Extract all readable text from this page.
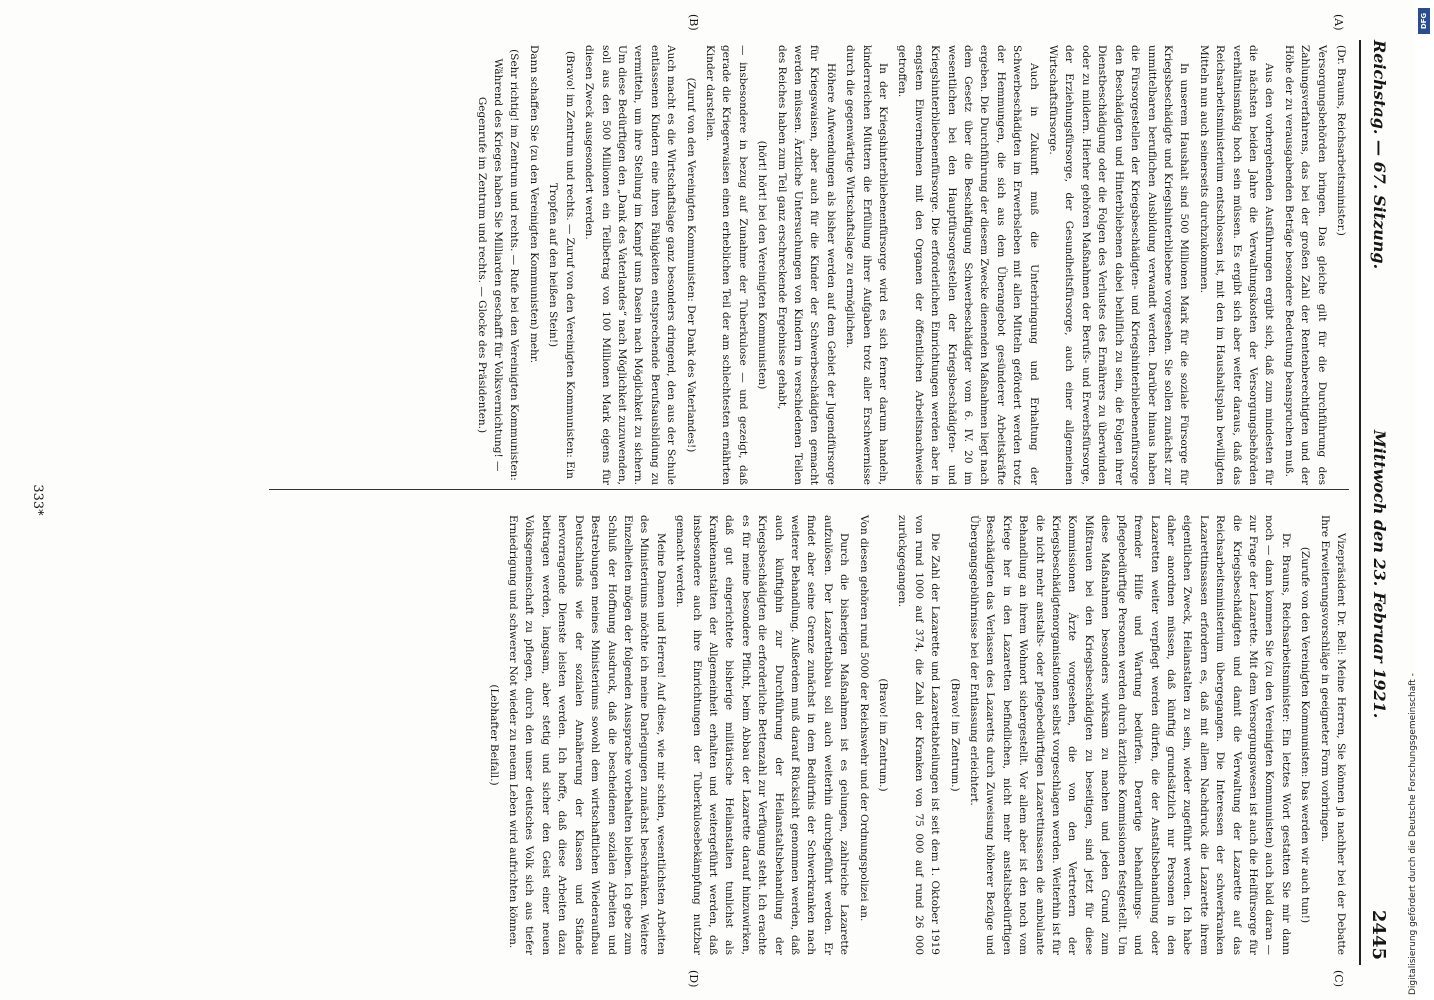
Reichstag. — 67. Sitzung.
Mittwoch den 23. Februar 1921.
2445
(A)
(B)
(C)
(D)

(Dr. Brauns, Reichsarbeitsminister.)

Versorgungsbehörden bringen. Das gleiche gilt für die Durchführung des Zahlungsverfahrens, das bei der großen Zahl der Rentenberechtigten und der Höhe der zu verausgabenden Beträge besondere Bedeutung beanspruchen muß.

Aus den vorhergehenden Ausführungen ergibt sich, daß zum mindesten für die nächsten beiden Jahre die Verwaltungskosten der Versorgungsbehörden verhältnismäßig hoch sein müssen. Es ergibt sich aber weiter daraus, daß das Reichsarbeitsministerium entschlossen ist, mit den im Haushaltsplan bewilligten Mitteln nun auch seinerseits durchzukommen.

In unserem Haushalt sind 500 Millionen Mark für die soziale Fürsorge für Kriegsbeschädigte und Kriegshinterbliebene vorgesehen. Sie sollen zunächst zur unmittelbaren beruflichen Ausbildung verwandt werden. Darüber hinaus haben die Fürsorgestellen der Kriegsbeschädigten- und Kriegshinterbliebenenfürsorge den Beschädigten und Hinterbliebenen dabei behilflich zu sein, die Folgen ihrer Dienstbeschädigung oder die Folgen des Verlustes des Ernährers zu überwinden oder zu mildern. Hierher gehören Maßnahmen der Berufs- und Erwerbsfürsorge, der Erziehungsfürsorge, der Gesundheitsfürsorge, auch einer allgemeinen Wirtschaftsfürsorge.

Auch in Zukunft muß die Unterbringung und Erhaltung der Schwerbeschädigten im Erwerbsleben mit allen Mitteln gefördert werden trotz der Hemmungen, die sich aus dem Überangebot gesünderer Arbeitskräfte ergeben. Die Durchführung der diesem Zwecke dienenden Maßnahmen liegt nach dem Gesetz über die Beschäftigung Schwerbeschädigter vom 6. IV. 20 im wesentlichen bei den Hauptfürsorgestellen der Kriegsbeschädigten- und Kriegshinterbliebenenfürsorge. Die erforderlichen Einrichtungen werden aber in engstem Einvernehmen mit den Organen der öffentlichen Arbeitsnachweise getroffen.

In der Kriegshinterbliebenenfürsorge wird es sich ferner darum handeln, kinderreichen Müttern die Erfüllung ihrer Aufgaben trotz aller Erschwernisse durch die gegenwärtige Wirtschaftslage zu ermöglichen.

Höhere Aufwendungen als bisher werden auf dem Gebiet der Jugendfürsorge für Kriegswaisen, aber auch für die Kinder der Schwerbeschädigten gemacht werden müssen. Ärztliche Untersuchungen von Kindern in verschiedenen Teilen des Reiches haben zum Teil ganz erschreckende Ergebnisse gehabt,

(hört! hört! bei den Vereinigten Kommunisten)

— insbesondere in bezug auf Zunahme der Tuberkulose — und gezeigt, daß gerade die Kriegerwaisen einen erheblichen Teil der am schlechtesten ernährten Kinder darstellen.

(Zuruf von den Vereinigten Kommunisten: Der Dank des Vaterlandes!)

Auch macht es die Wirtschaftslage ganz besonders dringend, den aus der Schule entlassenen Kindern eine ihren Fähigkeiten entsprechende Berufsausbildung zu vermitteln, um ihre Stellung im Kampf ums Dasein nach Möglichkeit zu sichern. Um diese Bedürftigen den „Dank des Vaterlandes“ nach Möglichkeit zuzuwenden, soll aus den 500 Millionen ein Teilbetrag von 100 Millionen Mark eigens für diesen Zweck ausgesondert werden.

(Bravo! im Zentrum und rechts. — Zuruf von den Vereinigten Kommunisten: Ein Tropfen auf den heißen Stein!)

Dann schaffen Sie (zu den Vereinigten Kommunisten) mehr.

(Sehr richtig! im Zentrum und rechts. — Rufe bei den Vereinigten Kommunisten: Während des Krieges haben Sie Milliarden geschafft für Volksvernichtung! — Gegenrufe im Zentrum und rechts. — Glocke des Präsidenten.)

Vizepräsident Dr. Bell: Meine Herren, Sie können ja nachher bei der Debatte Ihre Erweiterungsvorschläge in geeigneter Form vorbringen.

(Zurufe von den Vereinigten Kommunisten: Das werden wir auch tun!)

Dr. Brauns, Reichsarbeitsminister: Ein letztes Wort gestatten Sie mir dann noch — dann kommen Sie (zu den Vereinigten Kommunisten) auch bald daran — zur Frage der Lazarette. Mit dem Versorgungswesen ist auch die Heilfürsorge für die Kriegsbeschädigten und damit die Verwaltung der Lazarette auf das Reichsarbeitsministerium übergegangen. Die Interessen der schwerkranken Lazarettinsassen erfordern es, daß mit allem Nachdruck die Lazarette ihrem eigentlichen Zweck, Heilanstalten zu sein, wieder zugeführt werden. Ich habe daher anordnen müssen, daß künftig grundsätzlich nur Personen in den Lazaretten weiter verpflegt werden dürfen, die der Anstaltsbehandlung oder fremder Hilfe und Wartung bedürfen. Derartige behandlungs- und pflegebedürftige Personen werden durch ärztliche Kommissionen festgestellt. Um diese Maßnahmen besonders wirksam zu machen und jeden Grund zum Mißtrauen bei den Kriegsbeschädigten zu beseitigen, sind jetzt für diese Kommissionen Ärzte vorgesehen, die von den Vertretern der Kriegsbeschädigtenorganisationen selbst vorgeschlagen werden. Weiterhin ist für die nicht mehr anstalts- oder pflegebedürftigen Lazarettinsassen die ambulante Behandlung an ihrem Wohnort sichergestellt. Vor allem aber ist den noch vom Kriege her in den Lazaretten befindlichen, nicht mehr anstaltsbedürftigen Beschädigten das Verlassen des Lazaretts durch Zuweisung höherer Bezüge und Übergangsgebührnisse bei der Entlassung erleichtert.

(Bravo! im Zentrum.)

Die Zahl der Lazarette und Lazarettabteilungen ist seit dem 1. Oktober 1919 von rund 1000 auf 374, die Zahl der Kranken von 75 000 auf rund 26 000 zurückgegangen.

(Bravo! im Zentrum.)

Von diesen gehören rund 5000 der Reichswehr und der Ordnungspolizei an.

Durch die bisherigen Maßnahmen ist es gelungen, zahlreiche Lazarette aufzulösen. Der Lazarettabbau soll auch weiterhin durchgeführt werden. Er findet aber seine Grenze zunächst in dem Bedürfnis der Schwerkranken nach weiterer Behandlung. Außerdem muß darauf Rücksicht genommen werden, daß auch künftighin zur Durchführung der Heilanstaltsbehandlung der Kriegsbeschädigten die erforderliche Bettenzahl zur Verfügung steht. Ich erachte es für meine besondere Pflicht, beim Abbau der Lazarette darauf hinzuwirken, daß gut eingerichtete bisherige militärische Heilanstalten tunlichst als Krankenanstalten der Allgemeinheit erhalten und weitergeführt werden, daß insbesondere auch ihre Einrichtungen der Tuberkulosebekämpfung nutzbar gemacht werden.

Meine Damen und Herren! Auf diese, wie mir schien, wesentlichsten Arbeiten des Ministeriums möchte ich meine Darlegungen zunächst beschränken. Weitere Einzelheiten mögen der folgenden Aussprache vorbehalten bleiben. Ich gebe zum Schluß der Hoffnung Ausdruck, daß die bescheidenen sozialen Arbeiten und Bestrebungen meines Ministeriums sowohl dem wirtschaftlichen Wiederaufbau Deutschlands wie der sozialen Annäherung der Klassen und Stände hervorragende Dienste leisten werden. Ich hoffe, daß diese Arbeiten dazu beitragen werden, langsam, aber stetig und sicher den Geist einer neuen Volksgemeinschaft zu pflegen, durch den unser deutsches Volk sich aus tiefer Erniedrigung und schwerer Not wieder zu neuem Leben wird aufrichten können.

(Lebhafter Beifall.)

333*
Digitalisierung gefördert durch die Deutsche Forschungsgemeinschaft -
DFG
